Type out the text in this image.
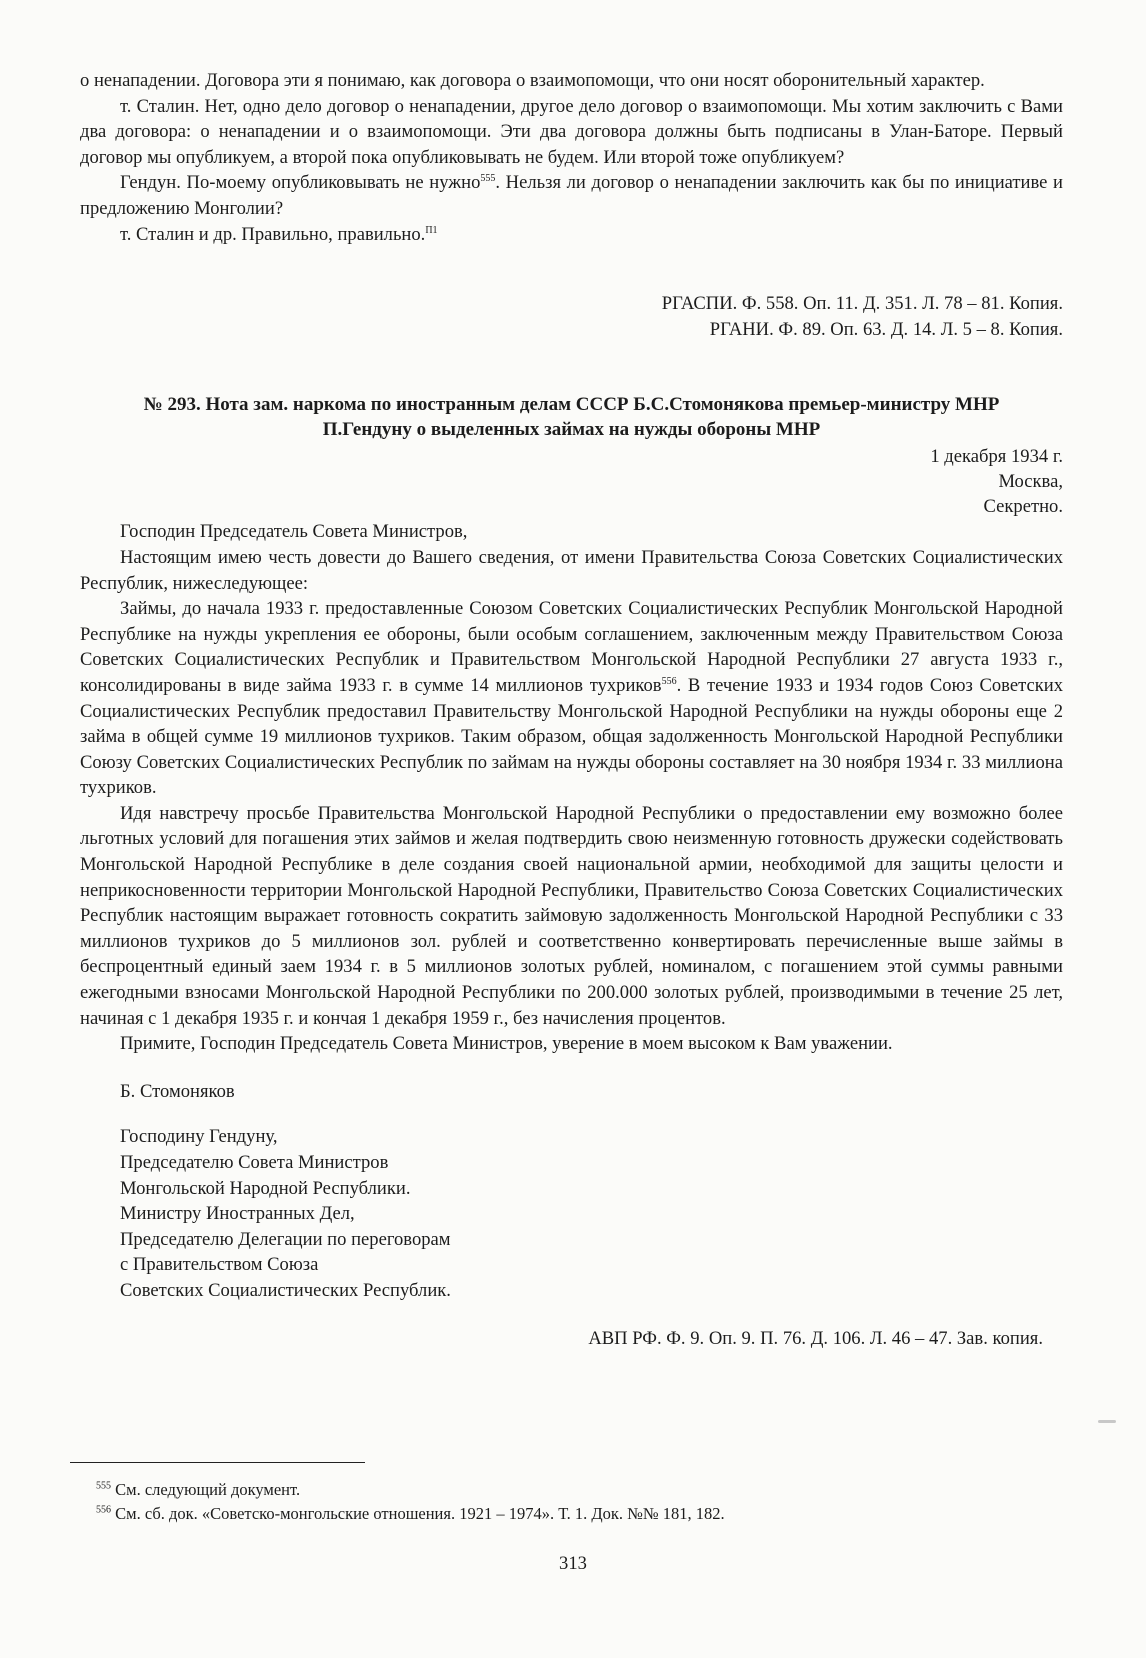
о ненападении. Договора эти я понимаю, как договора о взаимопомощи, что они носят оборонительный характер.

т. Сталин. Нет, одно дело договор о ненападении, другое дело договор о взаимопомощи. Мы хотим заключить с Вами два договора: о ненападении и о взаимопомощи. Эти два договора должны быть подписаны в Улан-Баторе. Первый договор мы опубликуем, а второй пока опубликовывать не будем. Или второй тоже опубликуем?

Гендун. По-моему опубликовывать не нужно$^{555}$. Нельзя ли договор о ненападении заключить как бы по инициативе и предложению Монголии?

т. Сталин и др. Правильно, правильно.$^{П1}$

РГАСПИ. Ф. 558. Оп. 11. Д. 351. Л. 78 – 81. Копия.

РГАНИ. Ф. 89. Оп. 63. Д. 14. Л. 5 – 8. Копия.

№ 293. Нота зам. наркома по иностранным делам СССР Б.С.Стомонякова премьер-министру МНР
П.Гендуну о выделенных займах на нужды обороны МНР
1 декабря 1934 г.
Москва,
Секретно.

Господин Председатель Совета Министров,

Настоящим имею честь довести до Вашего сведения, от имени Правительства Союза Советских Социалистических Республик, нижеследующее:

Займы, до начала 1933 г. предоставленные Союзом Советских Социалистических Республик Монгольской Народной Республике на нужды укрепления ее обороны, были особым соглашением, заключенным между Правительством Союза Советских Социалистических Республик и Правительством Монгольской Народной Республики 27 августа 1933 г., консолидированы в виде займа 1933 г. в сумме 14 миллионов тухриков$^{556}$. В течение 1933 и 1934 годов Союз Советских Социалистических Республик предоставил Правительству Монгольской Народной Республики на нужды обороны еще 2 займа в общей сумме 19 миллионов тухриков. Таким образом, общая задолженность Монгольской Народной Республики Союзу Советских Социалистических Республик по займам на нужды обороны составляет на 30 ноября 1934 г. 33 миллиона тухриков.

Идя навстречу просьбе Правительства Монгольской Народной Республики о предоставлении ему возможно более льготных условий для погашения этих займов и желая подтвердить свою неизменную готовность дружески содействовать Монгольской Народной Республике в деле создания своей национальной армии, необходимой для защиты целости и неприкосновенности территории Монгольской Народной Республики, Правительство Союза Советских Социалистических Республик настоящим выражает готовность сократить займовую задолженность Монгольской Народной Республики с 33 миллионов тухриков до 5 миллионов зол. рублей и соответственно конвертировать перечисленные выше займы в беспроцентный единый заем 1934 г. в 5 миллионов золотых рублей, номиналом, с погашением этой суммы равными ежегодными взносами Монгольской Народной Республики по 200.000 золотых рублей, производимыми в течение 25 лет, начиная с 1 декабря 1935 г. и кончая 1 декабря 1959 г., без начисления процентов.

Примите, Господин Председатель Совета Министров, уверение в моем высоком к Вам уважении.

Б. Стомоняков
Господину Гендуну,
Председателю Совета Министров
Монгольской Народной Республики.
Министру Иностранных Дел,
Председателю Делегации по переговорам
с Правительством Союза
Советских Социалистических Республик.
АВП РФ. Ф. 9. Оп. 9. П. 76. Д. 106. Л. 46 – 47. Зав. копия.
$^{555}$ См. следующий документ.
$^{556}$ См. сб. док. «Советско-монгольские отношения. 1921 – 1974». Т. 1. Док. №№ 181, 182.
313
